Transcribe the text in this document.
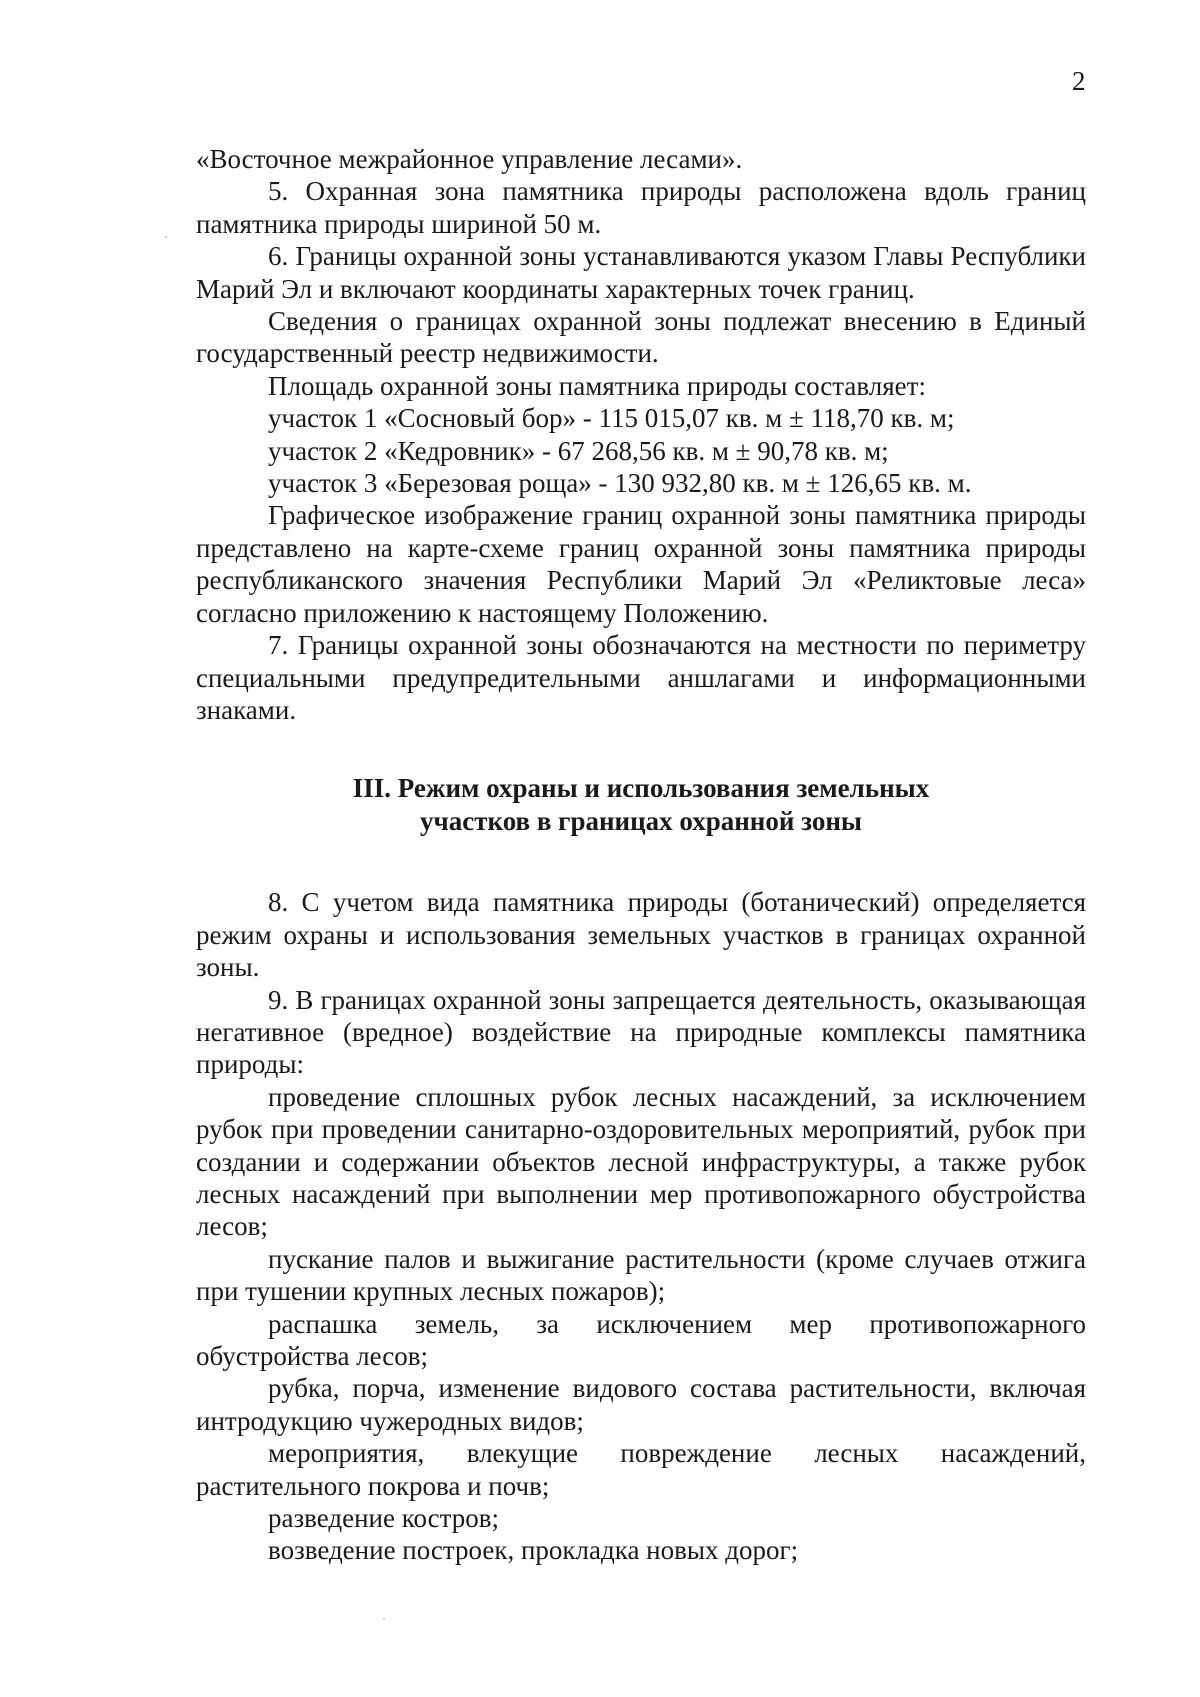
2

«Восточное межрайонное управление лесами».

5. Охранная зона памятника природы расположена вдоль границ памятника природы шириной 50 м.

6. Границы охранной зоны устанавливаются указом Главы Республики Марий Эл и включают координаты характерных точек границ.

Сведения о границах охранной зоны подлежат внесению в Единый государственный реестр недвижимости.

Площадь охранной зоны памятника природы составляет:

участок 1 «Сосновый бор» - 115 015,07 кв. м ± 118,70 кв. м;

участок 2 «Кедровник» - 67 268,56 кв. м ± 90,78 кв. м;

участок 3 «Березовая роща» - 130 932,80 кв. м ± 126,65 кв. м.

Графическое изображение границ охранной зоны памятника природы представлено на карте-схеме границ охранной зоны памятника природы республиканского значения Республики Марий Эл «Реликтовые леса» согласно приложению к настоящему Положению.

7. Границы охранной зоны обозначаются на местности по периметру специальными предупредительными аншлагами и информационными знаками.

III. Режим охраны и использования земельных
участков в границах охранной зоны

8. С учетом вида памятника природы (ботанический) определяется режим охраны и использования земельных участков в границах охранной зоны.

9. В границах охранной зоны запрещается деятельность, оказывающая негативное (вредное) воздействие на природные комплексы памятника природы:

проведение сплошных рубок лесных насаждений, за исключением рубок при проведении санитарно-оздоровительных мероприятий, рубок при создании и содержании объектов лесной инфраструктуры, а также рубок лесных насаждений при выполнении мер противопожарного обустройства лесов;

пускание палов и выжигание растительности (кроме случаев отжига при тушении крупных лесных пожаров);

распашка земель, за исключением мер противопожарного обустройства лесов;

рубка, порча, изменение видового состава растительности, включая интродукцию чужеродных видов;

мероприятия, влекущие повреждение лесных насаждений, растительного покрова и почв;

разведение костров;

возведение построек, прокладка новых дорог;
